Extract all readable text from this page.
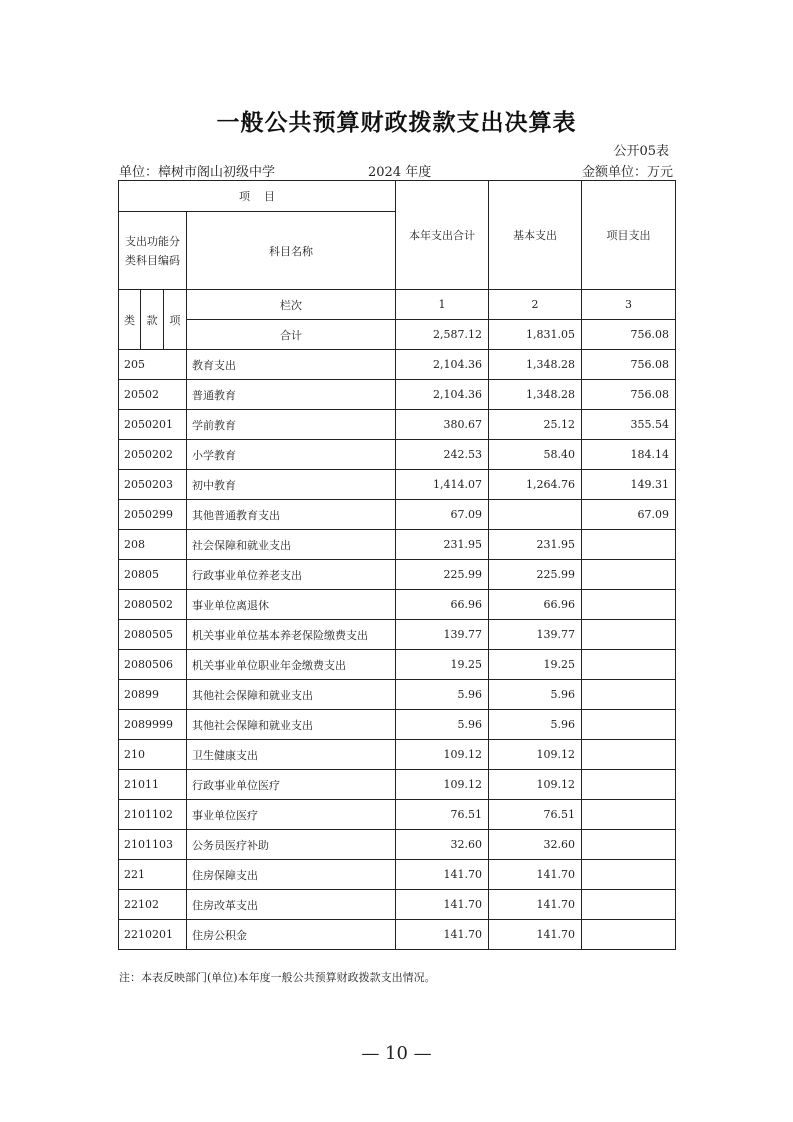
一般公共预算财政拨款支出决算表
公开05表
单位：樟树市阁山初级中学	2024 年度	金额单位：万元
项    目				本年支出合计	基本支出	项目支出
支出功能分类科目编码			科目名称			
类	款	项	栏次	1	2	3
			合计	2,587.12	1,831.05	756.08
205			教育支出	2,104.36	1,348.28	756.08
20502			普通教育	2,104.36	1,348.28	756.08
2050201			学前教育	380.67	25.12	355.54
2050202			小学教育	242.53	58.40	184.14
2050203			初中教育	1,414.07	1,264.76	149.31
2050299			其他普通教育支出	67.09		67.09
208			社会保障和就业支出	231.95	231.95	
20805			行政事业单位养老支出	225.99	225.99	
2080502			事业单位离退休	66.96	66.96	
2080505			机关事业单位基本养老保险缴费支出	139.77	139.77	
2080506			机关事业单位职业年金缴费支出	19.25	19.25	
20899			其他社会保障和就业支出	5.96	5.96	
2089999			其他社会保障和就业支出	5.96	5.96	
210			卫生健康支出	109.12	109.12	
21011			行政事业单位医疗	109.12	109.12	
2101102			事业单位医疗	76.51	76.51	
2101103			公务员医疗补助	32.60	32.60	
221			住房保障支出	141.70	141.70	
22102			住房改革支出	141.70	141.70	
2210201			住房公积金	141.70	141.70	
注：本表反映部门(单位)本年度一般公共预算财政拨款支出情况。
— 10 —
